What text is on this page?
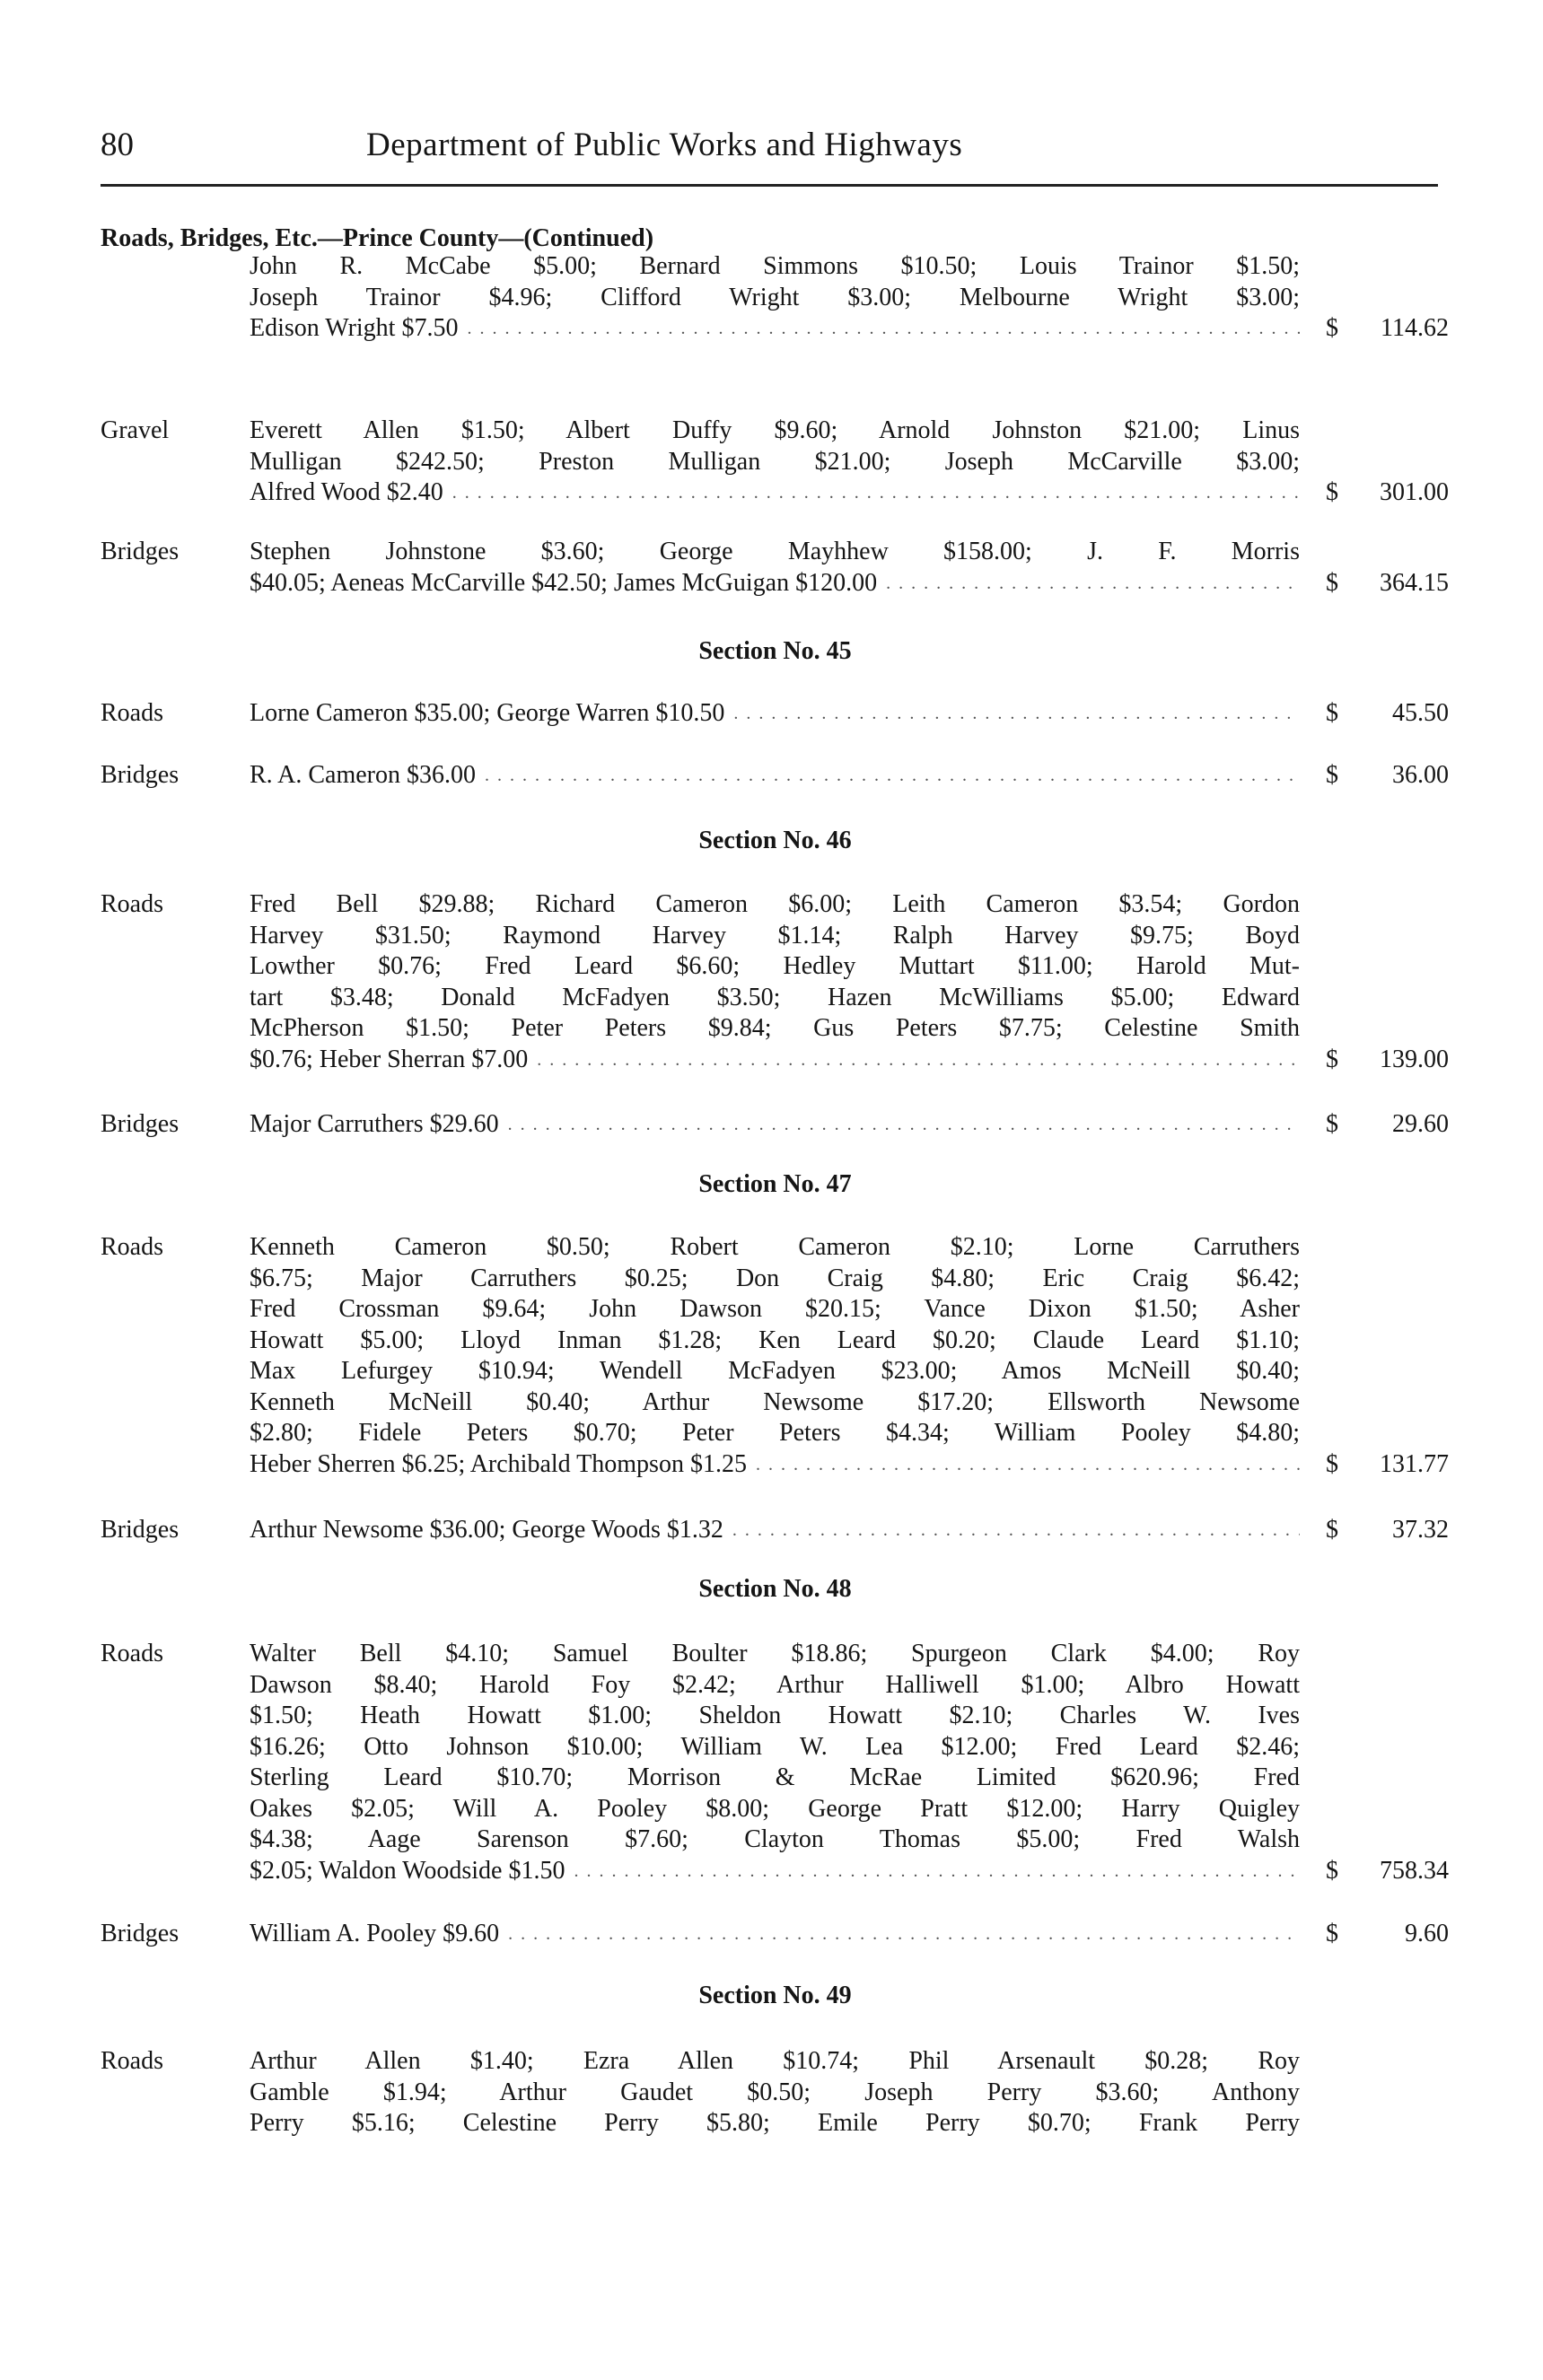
80	Department of Public Works and Highways
Roads, Bridges, Etc.—Prince County—(Continued)
John R. McCabe $5.00; Bernard Simmons $10.50; Louis Trainor $1.50;
Joseph Trainor $4.96; Clifford Wright $3.00; Melbourne Wright $3.00;
Edison Wright $7.50 . . .	$ 114.62
Gravel	Everett Allen $1.50; Albert Duffy $9.60; Arnold Johnston $21.00; Linus
Mulligan $242.50; Preston Mulligan $21.00; Joseph McCarville $3.00;
Alfred Wood $2.40 . . .	$ 301.00
Bridges	Stephen Johnstone $3.60; George Mayhhew $158.00; J. F. Morris
$40.05; Aeneas McCarville $42.50; James McGuigan $120.00 . . .	$ 364.15
Roads	Lorne Cameron $35.00; George Warren $10.50 . . .	$ 45.50
Bridges	R. A. Cameron $36.00 . . .	$ 36.00
Roads	Fred Bell $29.88; Richard Cameron $6.00; Leith Cameron $3.54; Gordon
Harvey $31.50; Raymond Harvey $1.14; Ralph Harvey $9.75; Boyd
Lowther $0.76; Fred Leard $6.60; Hedley Muttart $11.00; Harold Mut-
tart $3.48; Donald McFadyen $3.50; Hazen McWilliams $5.00; Edward
McPherson $1.50; Peter Peters $9.84; Gus Peters $7.75; Celestine Smith
$0.76; Heber Sherran $7.00 . . .	$ 139.00
Bridges	Major Carruthers $29.60 . . .	$ 29.60
Roads	Kenneth Cameron $0.50; Robert Cameron $2.10; Lorne Carruthers
$6.75; Major Carruthers $0.25; Don Craig $4.80; Eric Craig $6.42;
Fred Crossman $9.64; John Dawson $20.15; Vance Dixon $1.50; Asher
Howatt $5.00; Lloyd Inman $1.28; Ken Leard $0.20; Claude Leard $1.10;
Max Lefurgey $10.94; Wendell McFadyen $23.00; Amos McNeill $0.40;
Kenneth McNeill $0.40; Arthur Newsome $17.20; Ellsworth Newsome
$2.80; Fidele Peters $0.70; Peter Peters $4.34; William Pooley $4.80;
Heber Sherren $6.25; Archibald Thompson $1.25 . . .	$ 131.77
Bridges	Arthur Newsome $36.00; George Woods $1.32 . . .	$ 37.32
Roads	Walter Bell $4.10; Samuel Boulter $18.86; Spurgeon Clark $4.00; Roy
Dawson $8.40; Harold Foy $2.42; Arthur Halliwell $1.00; Albro Howatt
$1.50; Heath Howatt $1.00; Sheldon Howatt $2.10; Charles W. Ives
$16.26; Otto Johnson $10.00; William W. Lea $12.00; Fred Leard $2.46;
Sterling Leard $10.70; Morrison & McRae Limited $620.96; Fred
Oakes $2.05; Will A. Pooley $8.00; George Pratt $12.00; Harry Quigley
$4.38; Aage Sarenson $7.60; Clayton Thomas $5.00; Fred Walsh
$2.05; Waldon Woodside $1.50 . . .	$ 758.34
Bridges	William A. Pooley $9.60 . . .	$	9.60
Roads	Arthur Allen $1.40; Ezra Allen $10.74; Phil Arsenault $0.28; Roy
Gamble $1.94; Arthur Gaudet $0.50; Joseph Perry $3.60; Anthony
Perry $5.16; Celestine Perry $5.80; Emile Perry $0.70; Frank Perry
Section No. 45
Section No. 46
Section No. 47
Section No. 48
Section No. 49
